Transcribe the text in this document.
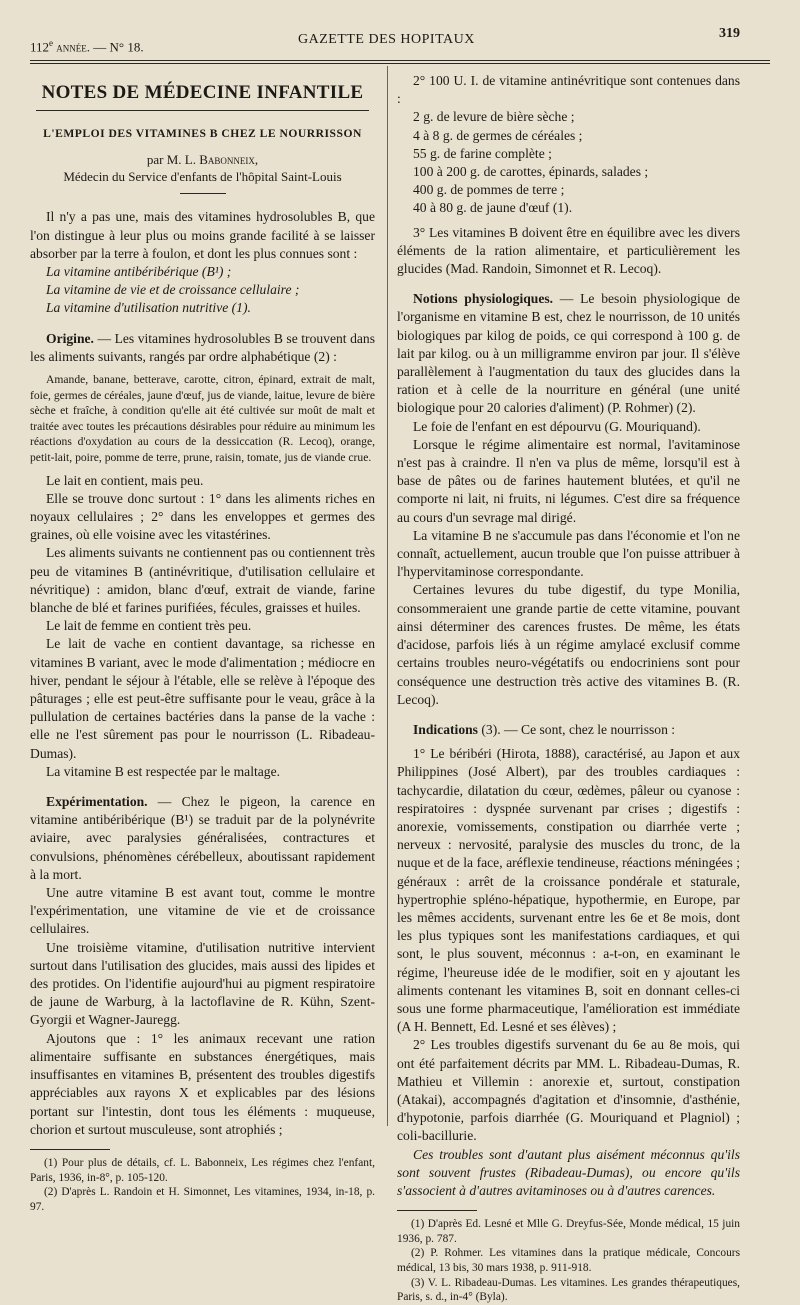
112e année. — N° 18.	GAZETTE DES HOPITAUX	319
NOTES DE MÉDECINE INFANTILE
L'EMPLOI DES VITAMINES B CHEZ LE NOURRISSON
par M. L. Babonneix,
Médecin du Service d'enfants de l'hôpital Saint-Louis

Il n'y a pas une, mais des vitamines hydrosolubles B, que l'on distingue à leur plus ou moins grande facilité à se laisser absorber par la terre à foulon, et dont les plus connues sont :

La vitamine antibéribérique (B¹) ;

La vitamine de vie et de croissance cellulaire ;

La vitamine d'utilisation nutritive (1).

Origine. — Les vitamines hydrosolubles B se trouvent dans les aliments suivants, rangés par ordre alphabétique (2) :

Amande, banane, betterave, carotte, citron, épinard, extrait de malt, foie, germes de céréales, jaune d'œuf, jus de viande, laitue, levure de bière sèche et fraîche, à condition qu'elle ait été cultivée sur moût de malt et traitée avec toutes les précautions désirables pour réduire au minimum les réactions d'oxydation au cours de la dessiccation (R. Lecoq), orange, petit-lait, poire, pomme de terre, prune, raisin, tomate, jus de viande crue.

Le lait en contient, mais peu.

Elle se trouve donc surtout : 1° dans les aliments riches en noyaux cellulaires ; 2° dans les enveloppes et germes des graines, où elle voisine avec les vitastérines.

Les aliments suivants ne contiennent pas ou contiennent très peu de vitamines B (antinévritique, d'utilisation cellulaire et névritique) : amidon, blanc d'œuf, extrait de viande, farine blanche de blé et farines purifiées, fécules, graisses et huiles.

Le lait de femme en contient très peu.

Le lait de vache en contient davantage, sa richesse en vitamines B variant, avec le mode d'alimentation ; médiocre en hiver, pendant le séjour à l'étable, elle se relève à l'époque des pâturages ; elle est peut-être suffisante pour le veau, grâce à la pullulation de certaines bactéries dans la panse de la vache : elle ne l'est sûrement pas pour le nourrisson (L. Ribadeau-Dumas).

La vitamine B est respectée par le maltage.

Expérimentation. — Chez le pigeon, la carence en vitamine antibéribérique (B¹) se traduit par de la polynévrite aviaire, avec paralysies généralisées, contractures et convulsions, phénomènes cérébelleux, aboutissant rapidement à la mort.

Une autre vitamine B est avant tout, comme le montre l'expérimentation, une vitamine de vie et de croissance cellulaires.

Une troisième vitamine, d'utilisation nutritive intervient surtout dans l'utilisation des glucides, mais aussi des lipides et des protides. On l'identifie aujourd'hui au pigment respiratoire de jaune de Warburg, à la lactoflavine de R. Kühn, Szent-Gyorgii et Wagner-Jauregg.

Ajoutons que : 1° les animaux recevant une ration alimentaire suffisante en substances énergétiques, mais insuffisantes en vitamines B, présentent des troubles digestifs appréciables aux rayons X et explicables par des lésions portant sur l'intestin, dont tous les éléments : muqueuse, chorion et surtout musculeuse, sont atrophiés ;

(1) Pour plus de détails, cf. L. Babonneix, Les régimes chez l'enfant, Paris, 1936, in-8°, p. 105-120.

(2) D'après L. Randoin et H. Simonnet, Les vitamines, 1934, in-18, p. 97.

2° 100 U. I. de vitamine antinévritique sont contenues dans :

2 g. de levure de bière sèche ;

4 à 8 g. de germes de céréales ;

55 g. de farine complète ;

100 à 200 g. de carottes, épinards, salades ;

400 g. de pommes de terre ;

40 à 80 g. de jaune d'œuf (1).

3° Les vitamines B doivent être en équilibre avec les divers éléments de la ration alimentaire, et particulièrement les glucides (Mad. Randoin, Simonnet et R. Lecoq).

Notions physiologiques. — Le besoin physiologique de l'organisme en vitamine B est, chez le nourrisson, de 10 unités biologiques par kilog de poids, ce qui correspond à 100 g. de lait par kilog. ou à un milligramme environ par jour. Il s'élève parallèlement à l'augmentation du taux des glucides dans la ration et à celle de la nourriture en général (une unité biologique pour 20 calories d'aliment) (P. Rohmer) (2).

Le foie de l'enfant en est dépourvu (G. Mouriquand).

Lorsque le régime alimentaire est normal, l'avitaminose n'est pas à craindre. Il n'en va plus de même, lorsqu'il est à base de pâtes ou de farines hautement blutées, et qu'il ne comporte ni lait, ni fruits, ni légumes. C'est dire sa fréquence au cours d'un sevrage mal dirigé.

La vitamine B ne s'accumule pas dans l'économie et l'on ne connaît, actuellement, aucun trouble que l'on puisse attribuer à l'hypervitaminose correspondante.

Certaines levures du tube digestif, du type Monilia, consommeraient une grande partie de cette vitamine, pouvant ainsi déterminer des carences frustes. De même, les états d'acidose, parfois liés à un régime amylacé exclusif comme certains troubles neuro-végétatifs ou endocriniens sont pour conséquence une destruction très active des vitamines B. (R. Lecoq).

Indications (3). — Ce sont, chez le nourrisson :

1° Le béribéri (Hirota, 1888), caractérisé, au Japon et aux Philippines (José Albert), par des troubles cardiaques : tachycardie, dilatation du cœur, œdèmes, pâleur ou cyanose : respiratoires : dyspnée survenant par crises ; digestifs : anorexie, vomissements, constipation ou diarrhée verte ; nerveux : nervosité, paralysie des muscles du tronc, de la nuque et de la face, aréflexie tendineuse, réactions méningées ; généraux : arrêt de la croissance pondérale et staturale, hypertrophie spléno-hépatique, hypothermie, en Europe, par les mêmes accidents, survenant entre les 6e et 8e mois, dont les plus typiques sont les manifestations cardiaques, et qui sont, le plus souvent, méconnus : a-t-on, en examinant le régime, l'heureuse idée de le modifier, soit en y ajoutant les aliments contenant les vitamines B, soit en donnant celles-ci sous une forme pharmaceutique, l'amélioration est immédiate (A H. Bennett, Ed. Lesné et ses élèves) ;

2° Les troubles digestifs survenant du 6e au 8e mois, qui ont été parfaitement décrits par MM. L. Ribadeau-Dumas, R. Mathieu et Villemin : anorexie et, surtout, constipation (Atakai), accompagnés d'agitation et d'insomnie, d'asthénie, d'hypotonie, parfois diarrhée (G. Mouriquand et Plagniol) ; coli-bacillurie.

Ces troubles sont d'autant plus aisément méconnus qu'ils sont souvent frustes (Ribadeau-Dumas), ou encore qu'ils s'associent à d'autres avitaminoses ou à d'autres carences.

(1) D'après Ed. Lesné et Mlle G. Dreyfus-Sée, Monde médical, 15 juin 1936, p. 787.

(2) P. Rohmer. Les vitamines dans la pratique médicale, Concours médical, 13 bis, 30 mars 1938, p. 911-918.

(3) V. L. Ribadeau-Dumas. Les vitamines. Les grandes thérapeutiques, Paris, s. d., in-4° (Byla).
